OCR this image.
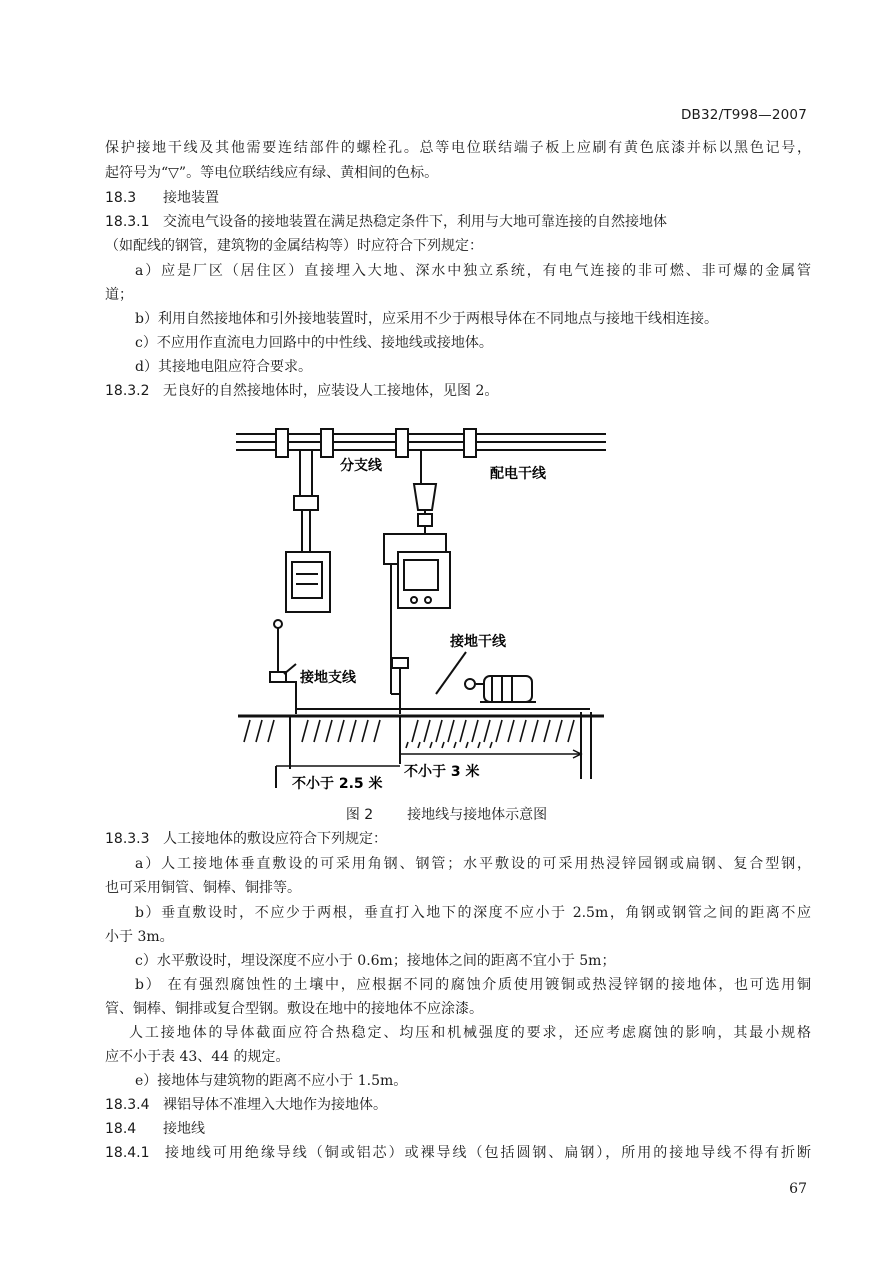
DB32/T998—2007
保护接地干线及其他需要连结部件的螺栓孔。总等电位联结端子板上应刷有黄色底漆并标以黑色记号，
起符号为“▽”。等电位联结线应有绿、黄相间的色标。
18.3 接地装置
18.3.1 交流电气设备的接地装置在满足热稳定条件下，利用与大地可靠连接的自然接地体
（如配线的钢管，建筑物的金属结构等）时应符合下列规定：
a）应是厂区（居住区）直接埋入大地、深水中独立系统，有电气连接的非可燃、非可爆的金属管
道；
b）利用自然接地体和引外接地装置时，应采用不少于两根导体在不同地点与接地干线相连接。
c）不应用作直流电力回路中的中性线、接地线或接地体。
d）其接地电阻应符合要求。
18.3.2 无良好的自然接地体时，应装设人工接地体，见图 2。
分支线	配电干线
接地干线
接地支线
不小于 2.5 米
不小于 3 米
图 2 接地线与接地体示意图
18.3.3 人工接地体的敷设应符合下列规定：
a）人工接地体垂直敷设的可采用角钢、钢管；水平敷设的可采用热浸锌园钢或扁钢、复合型钢，
也可采用铜管、铜棒、铜排等。
b）垂直敷设时，不应少于两根，垂直打入地下的深度不应小于 2.5m，角钢或钢管之间的距离不应
小于 3m。
c）水平敷设时，埋设深度不应小于 0.6m；接地体之间的距离不宜小于 5m；
b） 在有强烈腐蚀性的土壤中，应根据不同的腐蚀介质使用镀铜或热浸锌钢的接地体，也可选用铜
管、铜棒、铜排或复合型钢。敷设在地中的接地体不应涂漆。
人工接地体的导体截面应符合热稳定、均压和机械强度的要求，还应考虑腐蚀的影响，其最小规格
应不小于表 43、44 的规定。
e）接地体与建筑物的距离不应小于 1.5m。
18.3.4 裸铝导体不准埋入大地作为接地体。
18.4 接地线
18.4.1 接地线可用绝缘导线（铜或铝芯）或裸导线（包括圆钢、扁钢），所用的接地导线不得有折断
67
